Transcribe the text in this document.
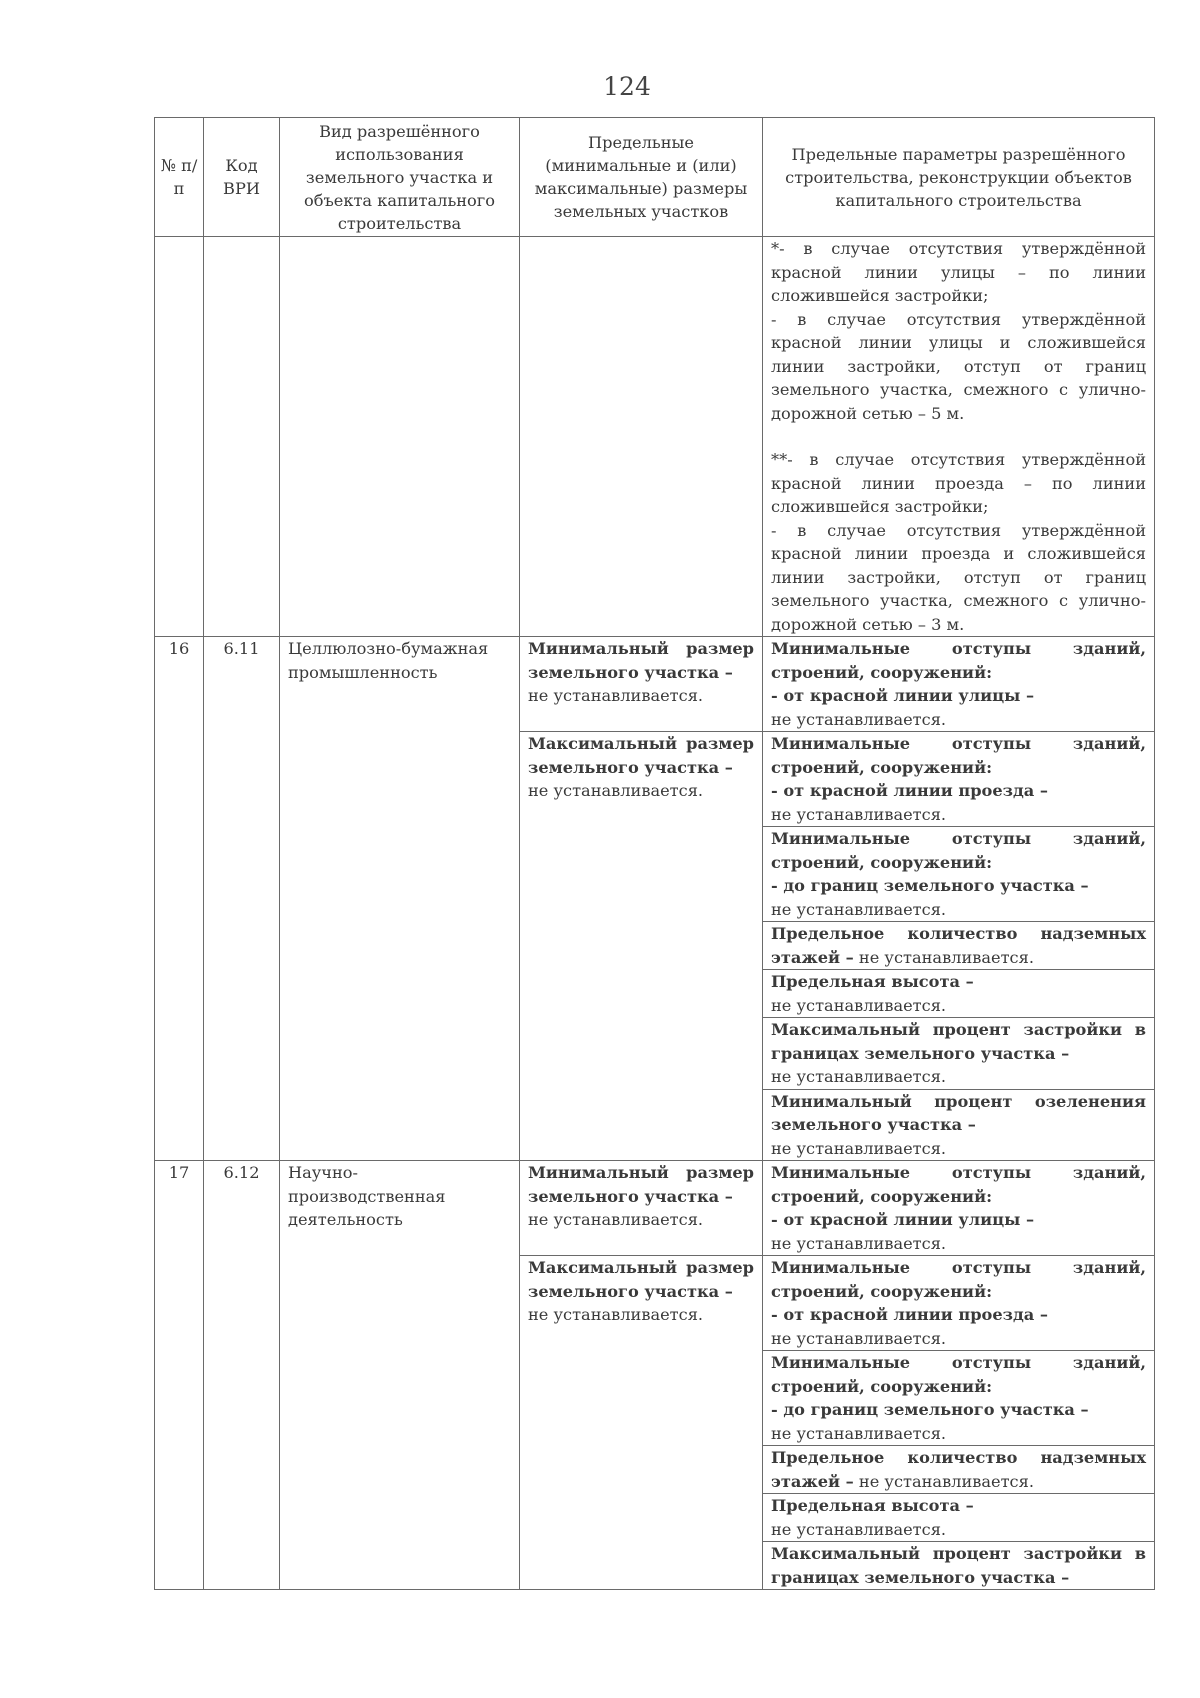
124
№ п/п	Код ВРИ	Вид разрешённого использования земельного участка и объекта капитального строительства	Предельные (минимальные и (или) максимальные) размеры земельных участков	Предельные параметры разрешённого строительства, реконструкции объектов капитального строительства

				*- в случае отсутствия утверждённой красной линии улицы – по линии сложившейся застройки;

- в случае отсутствия утверждённой красной линии улицы и сложившейся линии застройки, отступ от границ земельного участка, смежного с улично-дорожной сетью – 5 м.

**- в случае отсутствия утверждённой красной линии проезда – по линии сложившейся застройки;

- в случае отсутствия утверждённой красной линии проезда и сложившейся линии застройки, отступ от границ земельного участка, смежного с улично-дорожной сетью – 3 м.

16	6.11	Целлюлозно-бумажная промышленность	Минимальный размер земельного участка –
не устанавливается.	Минимальные отступы зданий, строений, сооружений:
- от красной линии улицы –
не устанавливается.
			Максимальный размер земельного участка –
не устанавливается.	Минимальные отступы зданий, строений, сооружений:
- от красной линии проезда –
не устанавливается.
				Минимальные отступы зданий, строений, сооружений:
- до границ земельного участка –
не устанавливается.
				Предельное количество надземных этажей – не устанавливается.
				Предельная высота –
не устанавливается.
				Максимальный процент застройки в границах земельного участка –
не устанавливается.
				Минимальный процент озеленения земельного участка –
не устанавливается.
17	6.12	Научно-производственная деятельность	Минимальный размер земельного участка –
не устанавливается.	Минимальные отступы зданий, строений, сооружений:
- от красной линии улицы –
не устанавливается.
			Максимальный размер земельного участка –
не устанавливается.	Минимальные отступы зданий, строений, сооружений:
- от красной линии проезда –
не устанавливается.
				Минимальные отступы зданий, строений, сооружений:
- до границ земельного участка –
не устанавливается.
				Предельное количество надземных этажей – не устанавливается.
				Предельная высота –
не устанавливается.
				Максимальный процент застройки в границах земельного участка –
